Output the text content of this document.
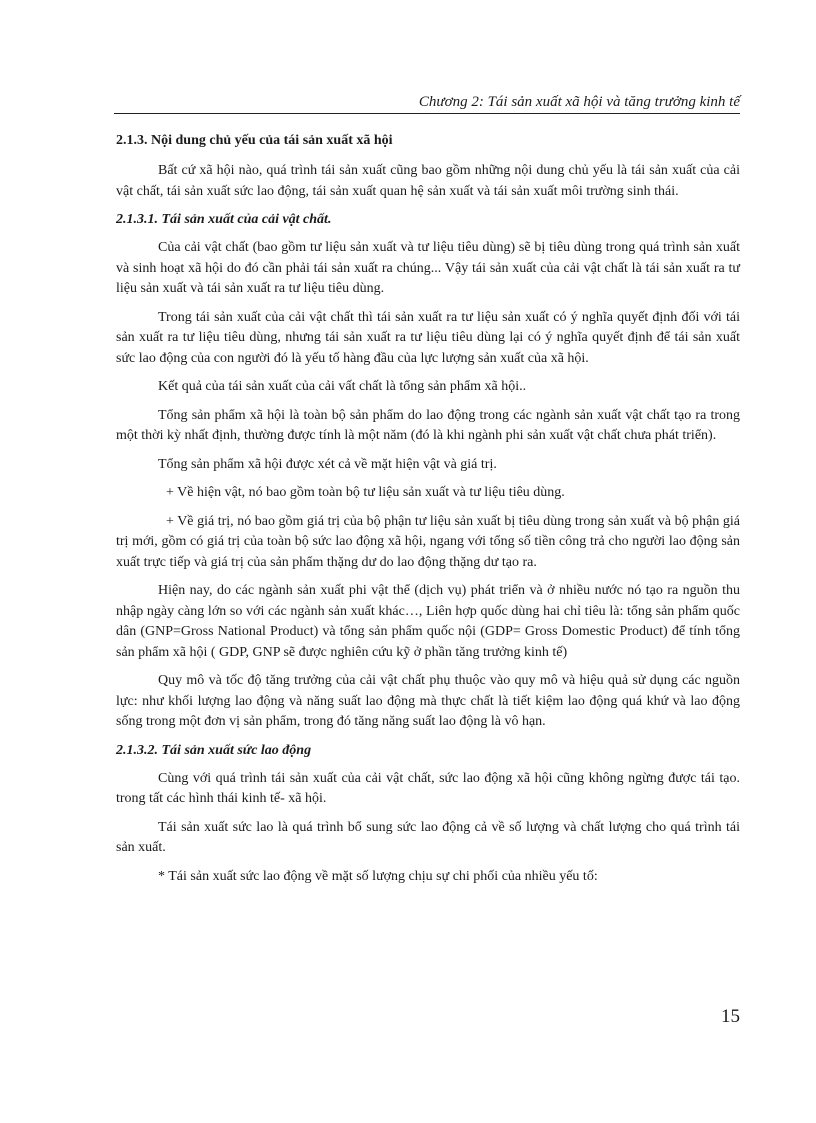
Chương 2: Tái sản xuất xã hội và tăng trưởng kinh tế
2.1.3. Nội dung chủ yếu của tái sản xuất xã hội

Bất cứ xã hội nào, quá trình tái sản xuất cũng bao gồm những nội dung chủ yếu là tái sản xuất của cải vật chất, tái sản xuất sức lao động, tái sản xuất quan hệ sản xuất và tái sản xuất môi trường sinh thái.

2.1.3.1. Tái sản xuất của cải vật chất.

Của cải vật chất (bao gồm tư liệu sản xuất và tư liệu tiêu dùng) sẽ bị tiêu dùng trong quá trình sản xuất và sinh hoạt xã hội do đó cần phải tái sản xuất ra chúng... Vậy tái sản xuất của cải vật chất là tái sản xuất ra tư liệu sản xuất và tái sản xuất ra tư liệu tiêu dùng.

Trong tái sản xuất của cải vật chất thì tái sản xuất ra tư liệu sản xuất có ý nghĩa quyết định đối với tái sản xuất ra tư liệu tiêu dùng, nhưng tái sản xuất ra tư liệu tiêu dùng lại có ý nghĩa quyết định để tái sản xuất sức lao động của con người đó là yếu tố hàng đầu của lực lượng sản xuất của xã hội.

Kết quả của tái sản xuất của cải vất chất là tổng sản phẩm xã hội..

Tổng sản phẩm xã hội là toàn bộ sản phẩm do lao động trong các ngành sản xuất vật chất tạo ra trong một thời kỳ nhất định, thường được tính là một năm (đó là khi ngành phi sản xuất vật chất chưa phát triển).

Tổng sản phẩm xã hội được xét cả về mặt hiện vật và giá trị.

+ Về hiện vật, nó bao gồm toàn bộ tư liệu sản xuất và tư liệu tiêu dùng.

+ Về giá trị, nó bao gồm giá trị của bộ phận tư liệu sản xuất bị tiêu dùng trong sản xuất và bộ phận giá trị mới, gồm có giá trị của toàn bộ sức lao động xã hội, ngang với tổng số tiền công trả cho người lao động sản xuất trực tiếp và giá trị của sản phẩm thặng dư do lao động thặng dư tạo ra.

Hiện nay, do các ngành sản xuất phi vật thể (dịch vụ) phát triển và ở nhiều nước nó tạo ra nguồn thu nhập ngày càng lớn so với các ngành sản xuất khác…, Liên hợp quốc dùng hai chỉ tiêu là: tổng sản phẩm quốc dân (GNP=Gross National Product) và tổng sản phẩm quốc nội (GDP= Gross Domestic Product) để tính tổng sản phẩm xã hội ( GDP, GNP sẽ được nghiên cứu kỹ ở phần tăng trưởng kinh tế)

Quy mô và tốc độ tăng trưởng của cải vật chất phụ thuộc vào quy mô và hiệu quả sử dụng các nguồn lực: như khối lượng lao động và năng suất lao động mà thực chất là tiết kiệm lao động quá khứ và lao động sống trong một đơn vị sản phẩm, trong đó tăng năng suất lao động là vô hạn.

2.1.3.2. Tái sản xuất sức lao động

Cùng với quá trình tái sản xuất của cải vật chất, sức lao động xã hội cũng không ngừng được tái tạo. trong tất các hình thái kinh tế- xã hội.

Tái sản xuất sức lao là quá trình bổ sung sức lao động cả về số lượng và chất lượng cho quá trình tái sản xuất.

* Tái sản xuất sức lao động về mặt số lượng chịu sự chi phối của nhiều yếu tố:

15
